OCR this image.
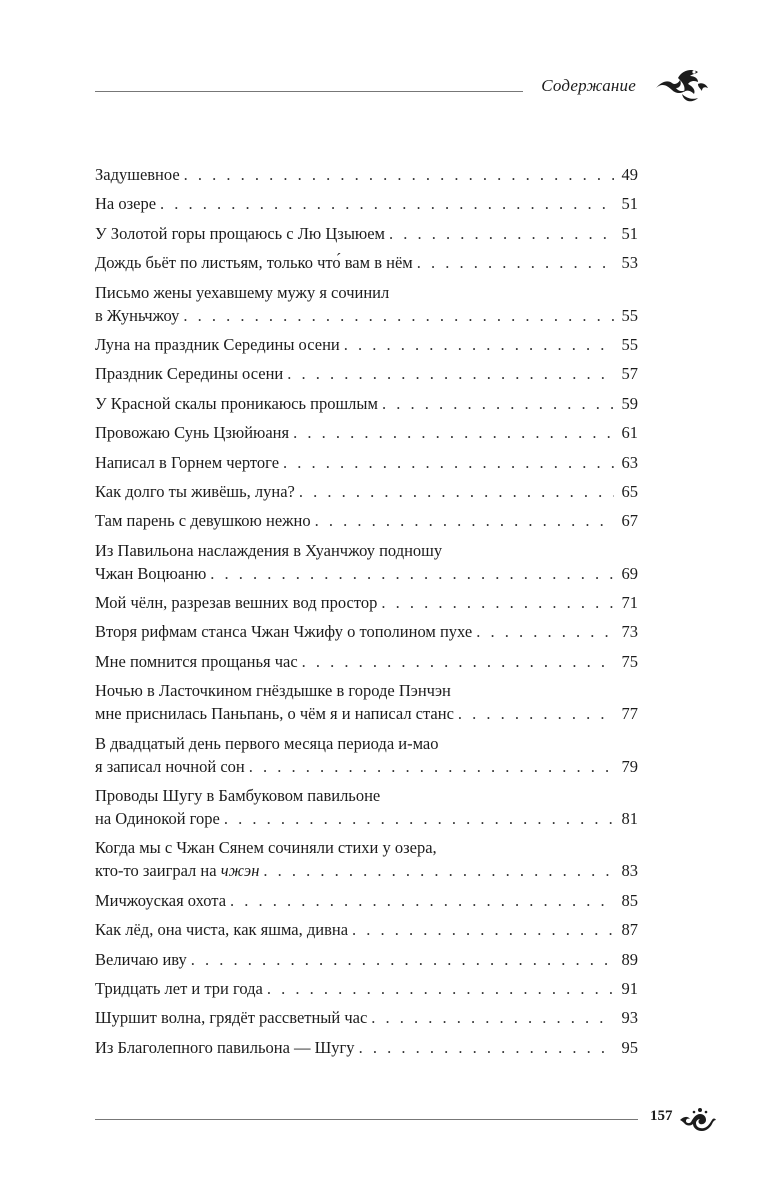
Содержание
Задушевное . . .	49
На озере . . .	51
У Золотой горы прощаюсь с Лю Цзыюем . . .	51
Дождь бьёт по листьям, только что́ вам в нём . . .	53
Письмо жены уехавшему мужу я сочинил
в Жуньчжоу . . .	55
Луна на праздник Середины осени . . .	55
Праздник Середины осени . . .	57
У Красной скалы проникаюсь прошлым . . .	59
Провожаю Сунь Цзюйюаня . . .	61
Написал в Горнем чертоге . . .	63
Как долго ты живёшь, луна? . . .	65
Там парень с девушкою нежно . . .	67
Из Павильона наслаждения в Хуанчжоу подношу
Чжан Воцюаню . . .	69
Мой чёлн, разрезав вешних вод простор . . .	71
Вторя рифмам станса Чжан Чжифу о тополином пухе . . .	73
Мне помнится прощанья час . . .	75
Ночью в Ласточкином гнёздышке в городе Пэнчэн
мне приснилась Паньпань, о чём я и написал станс . . .	77
В двадцатый день первого месяца периода и-мао
я записал ночной сон . . .	79
Проводы Шугу в Бамбуковом павильоне
на Одинокой горе . . .	81
Когда мы с Чжан Сянем сочиняли стихи у озера,
кто-то заиграл на чжэн . . .	83
Мичжоуская охота . . .	85
Как лёд, она чиста, как яшма, дивна . . .	87
Величаю иву . . .	89
Тридцать лет и три года . . .	91
Шуршит волна, грядёт рассветный час . . .	93
Из Благолепного павильона — Шугу . . .	95
157
